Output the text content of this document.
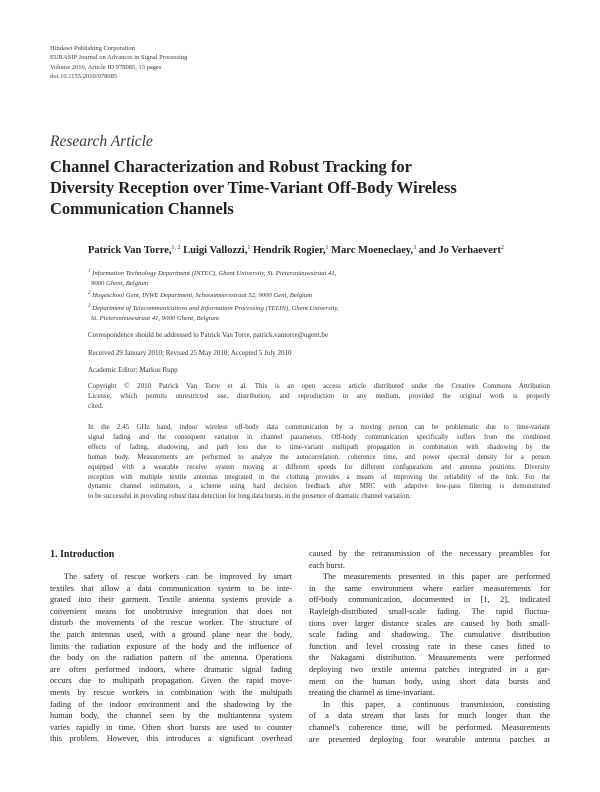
Hindawi Publishing Corporation
EURASIP Journal on Advances in Signal Processing
Volume 2010, Article ID 978085, 13 pages
doi:10.1155/2010/978085
Research Article
Channel Characterization and Robust Tracking for
Diversity Reception over Time-Variant Off-Body Wireless
Communication Channels
Patrick Van Torre,$^{1, 2}$ Luigi Vallozzi,$^1$ Hendrik Rogier,$^1$ Marc Moeneclaey,$^3$ and Jo Verhaevert$^2$
$^1$ Information Technology Department (INTEC), Ghent University, St. Pietersnieuwstraat 41,
9000 Ghent, Belgium
$^2$ Hogeschool Gent, INWE Department, Schoonmeersstraat 52, 9000 Gent, Belgium
$^3$ Department of Telecommunications and Information Processing (TELIN), Ghent University,
St. Pietersnieuwstraat 41, 9000 Ghent, Belgium
Correspondence should be addressed to Patrick Van Torre, patrick.vantorre@ugent.be
Received 29 January 2010; Revised 25 May 2010; Accepted 5 July 2010
Academic Editor: Markus Rupp
Copyright © 2010 Patrick Van Torre et al. This is an open access article distributed under the Creative Commons Attribution
License, which permits unrestricted use, distribution, and reproduction in any medium, provided the original work is properly
cited.
In the 2.45 GHz band, indoor wireless off-body data communication by a moving person can be problematic due to time-variant
signal fading and the consequent variation in channel parameters. Off-body communication specifically suffers from the combined
effects of fading, shadowing, and path loss due to time-variant multipath propagation in combination with shadowing by the
human body. Measurements are performed to analyze the autocorrelation, coherence time, and power spectral density for a person
equipped with a wearable receive system moving at different speeds for different configurations and antenna positions. Diversity
reception with multiple textile antennas integrated in the clothing provides a means of improving the reliability of the link. For the
dynamic channel estimation, a scheme using hard decision feedback after MRC with adaptive low-pass filtering is demonstrated
to be successful in providing robust data detection for long data bursts, in the presence of dramatic channel variation.
1. Introduction
The safety of rescue workers can be improved by smart
textiles that allow a data communication system to be inte-
grated into their garment. Textile antenna systems provide a
convenient means for unobtrusive integration that does not
disturb the movements of the rescue worker. The structure of
the patch antennas used, with a ground plane near the body,
limits the radiation exposure of the body and the influence of
the body on the radiation pattern of the antenna. Operations
are often performed indoors, where dramatic signal fading
occurs due to multipath propagation. Given the rapid move-
ments by rescue workers in combination with the multipath
fading of the indoor environment and the shadowing by the
human body, the channel seen by the multiantenna system
varies rapidly in time. Often short bursts are used to counter
this problem. However, this introduces a significant overhead
caused by the retransmission of the necessary preambles for
each burst.
The measurements presented in this paper are performed
in the same environment where earlier measurements for
off-body communication, documented in [1, 2], indicated
Rayleigh-distributed small-scale fading. The rapid fluctua-
tions over larger distance scales are caused by both small-
scale fading and shadowing. The cumulative distribution
function and level crossing rate in these cases fitted to
the Nakagami distribution. Measurements were performed
deploying two textile antenna patches integrated in a gar-
ment on the human body, using short data bursts and
treating the channel as time-invariant.
In this paper, a continuous transmission, consisting
of a data stream that lasts for much longer than the
channel's coherence time, will be performed. Measurements
are presented deploying four wearable antenna patches at
